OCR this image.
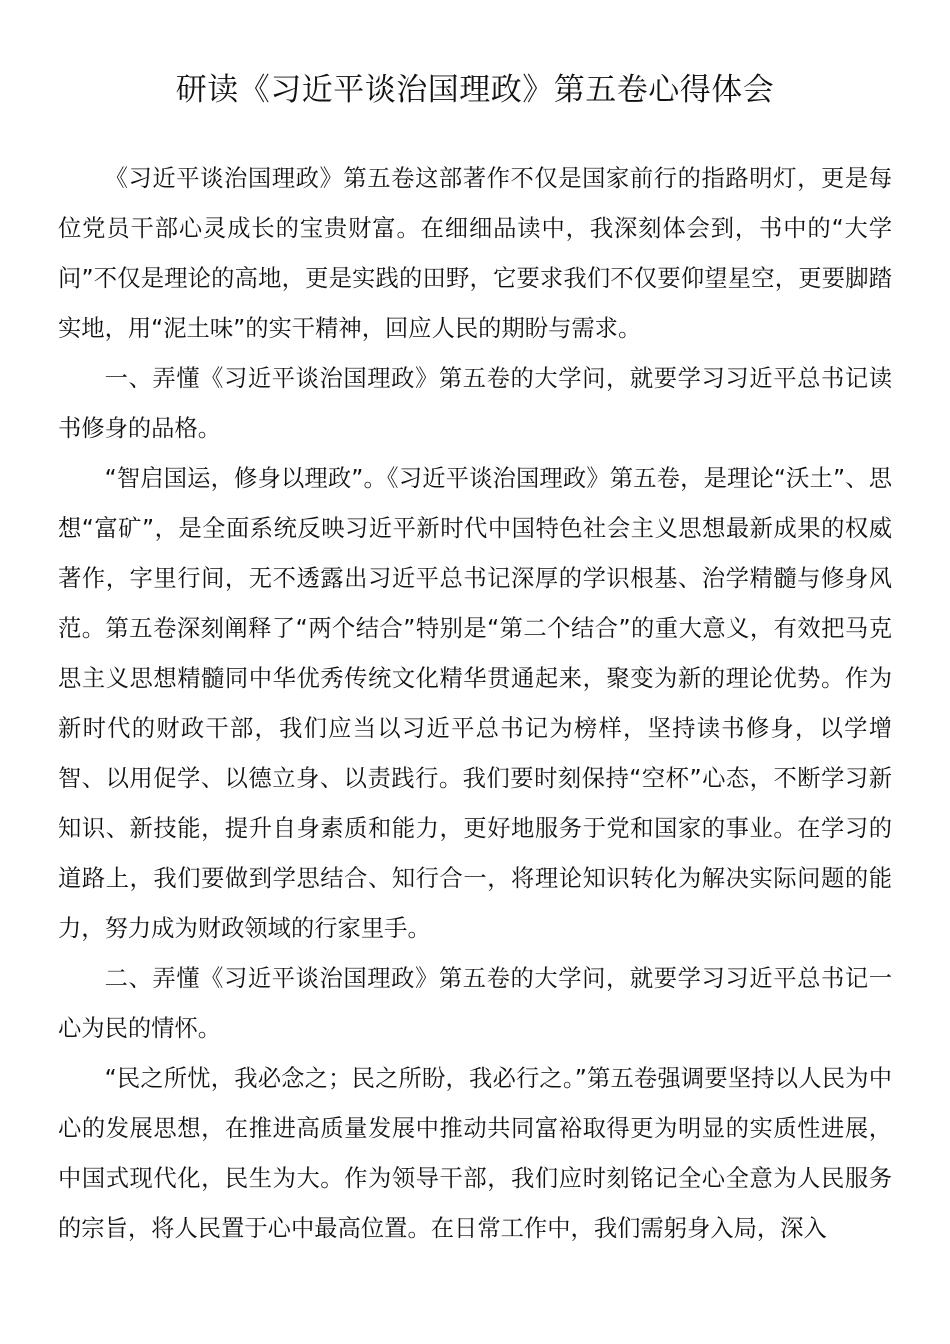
研读《习近平谈治国理政》第五卷心得体会

《习近平谈治国理政》第五卷这部著作不仅是国家前行的指路明灯，更是每位党员干部心灵成长的宝贵财富。在细细品读中，我深刻体会到，书中的“大学问”不仅是理论的高地，更是实践的田野，它要求我们不仅要仰望星空，更要脚踏实地，用“泥土味”的实干精神，回应人民的期盼与需求。

一、弄懂《习近平谈治国理政》第五卷的大学问，就要学习习近平总书记读书修身的品格。

“智启国运，修身以理政”。《习近平谈治国理政》第五卷，是理论“沃土”、思想“富矿”，是全面系统反映习近平新时代中国特色社会主义思想最新成果的权威著作，字里行间，无不透露出习近平总书记深厚的学识根基、治学精髓与修身风范。第五卷深刻阐释了“两个结合”特别是“第二个结合”的重大意义，有效把马克思主义思想精髓同中华优秀传统文化精华贯通起来，聚变为新的理论优势。作为新时代的财政干部，我们应当以习近平总书记为榜样，坚持读书修身，以学增智、以用促学、以德立身、以责践行。我们要时刻保持“空杯”心态，不断学习新知识、新技能，提升自身素质和能力，更好地服务于党和国家的事业。在学习的道路上，我们要做到学思结合、知行合一，将理论知识转化为解决实际问题的能力，努力成为财政领域的行家里手。

二、弄懂《习近平谈治国理政》第五卷的大学问，就要学习习近平总书记一心为民的情怀。

“民之所忧，我必念之；民之所盼，我必行之。”第五卷强调要坚持以人民为中心的发展思想，在推进高质量发展中推动共同富裕取得更为明显的实质性进展，中国式现代化，民生为大。作为领导干部，我们应时刻铭记全心全意为人民服务的宗旨，将人民置于心中最高位置。在日常工作中，我们需躬身入局，深入
